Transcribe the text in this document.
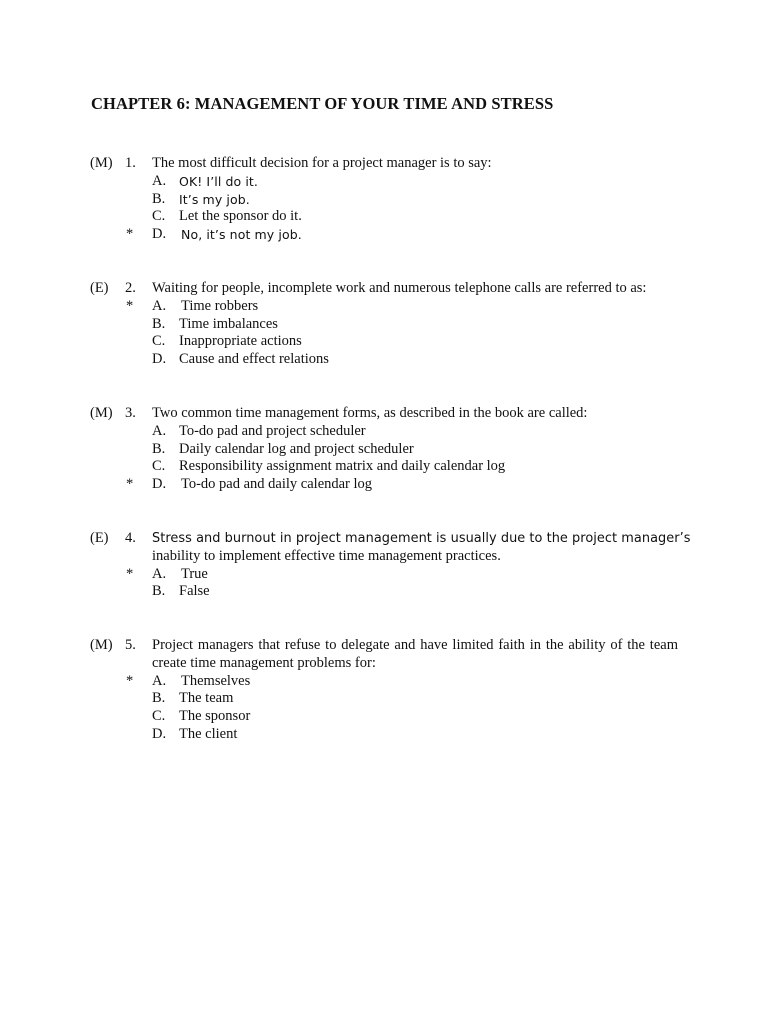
CHAPTER 6: MANAGEMENT OF YOUR TIME AND STRESS
(M) 1. The most difficult decision for a project manager is to say:
A. OK! I’ll do it.
B. It’s my job.
C. Let the sponsor do it.
* D. No, it’s not my job.
(E) 2. Waiting for people, incomplete work and numerous telephone calls are referred to as:
* A. Time robbers
B. Time imbalances
C. Inappropriate actions
D. Cause and effect relations
(M) 3. Two common time management forms, as described in the book are called:
A. To-do pad and project scheduler
B. Daily calendar log and project scheduler
C. Responsibility assignment matrix and daily calendar log
* D. To-do pad and daily calendar log
(E) 4. Stress and burnout in project management is usually due to the project manager’s
inability to implement effective time management practices.
* A. True
B. False
(M) 5. Project managers that refuse to delegate and have limited faith in the ability of the team create time management problems for:
* A. Themselves
B. The team
C. The sponsor
D. The client
